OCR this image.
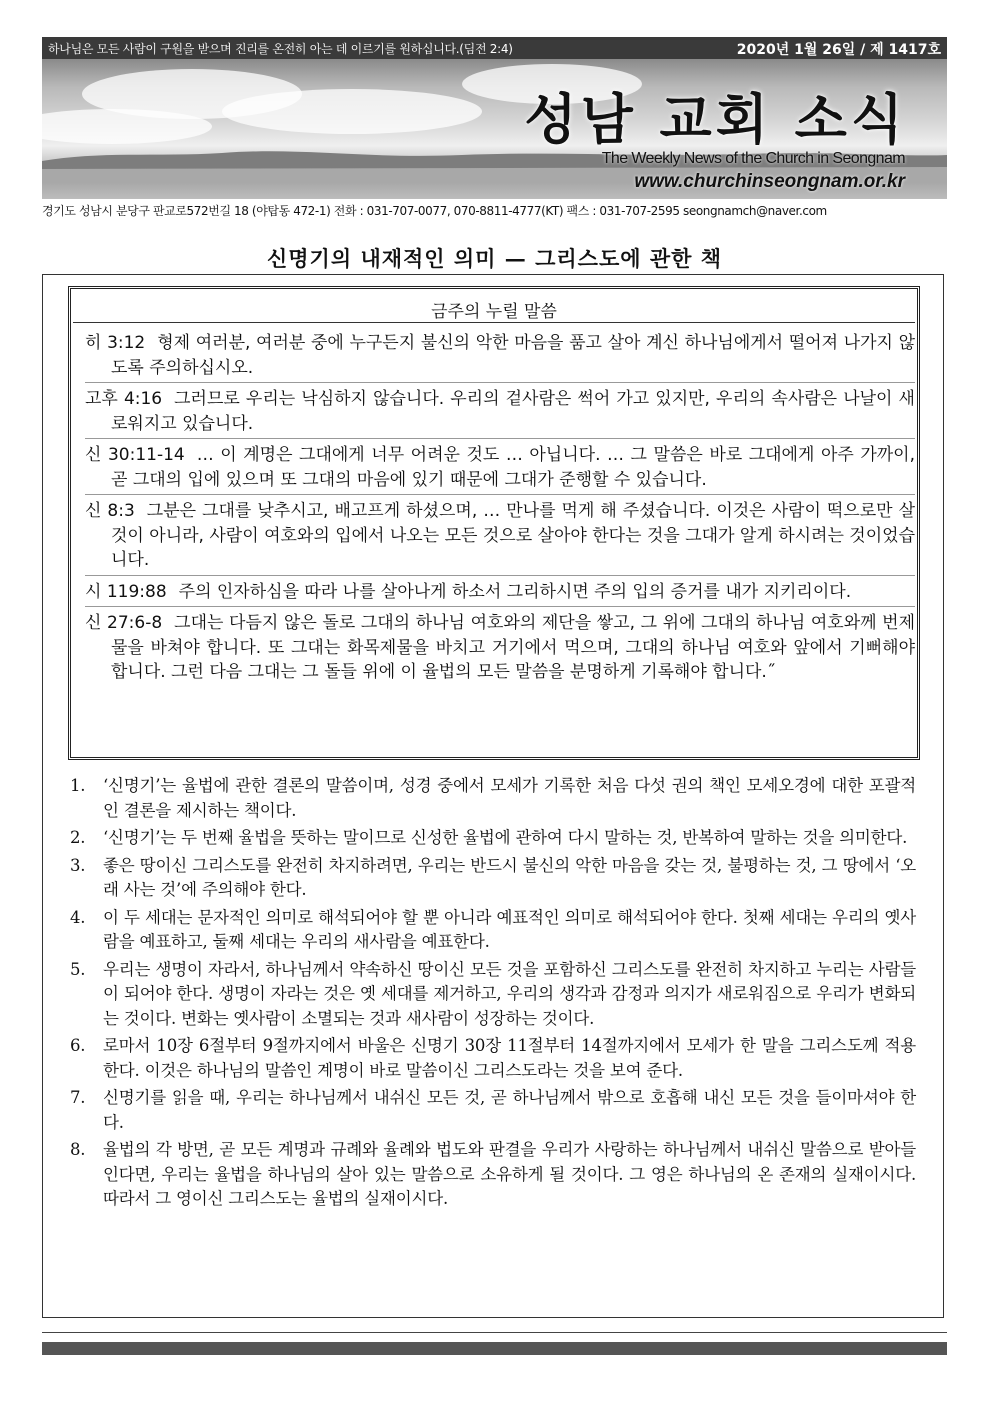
하나님은 모든 사람이 구원을 받으며 진리를 온전히 아는 데 이르기를 원하십니다.(딤전 2:4)	2020년 1월 26일 / 제 1417호
성남 교회 소식
The Weekly News of the Church in Seongnam
www.churchinseongnam.or.kr
경기도 성남시 분당구 판교로572번길 18 (야탑동 472-1) 전화 : 031-707-0077, 070-8811-4777(KT) 팩스 : 031-707-2595 seongnamch@naver.com
신명기의 내재적인 의미 — 그리스도에 관한 책
금주의 누릴 말씀
히 3:12 형제 여러분, 여러분 중에 누구든지 불신의 악한 마음을 품고 살아 계신 하나님에게서 떨어져 나가지 않도록 주의하십시오.
고후 4:16 그러므로 우리는 낙심하지 않습니다. 우리의 겉사람은 썩어 가고 있지만, 우리의 속사람은 나날이 새로워지고 있습니다.
신 30:11-14 … 이 계명은 그대에게 너무 어려운 것도 … 아닙니다. … 그 말씀은 바로 그대에게 아주 가까이, 곧 그대의 입에 있으며 또 그대의 마음에 있기 때문에 그대가 준행할 수 있습니다.
신 8:3 그분은 그대를 낮추시고, 배고프게 하셨으며, … 만나를 먹게 해 주셨습니다. 이것은 사람이 떡으로만 살 것이 아니라, 사람이 여호와의 입에서 나오는 모든 것으로 살아야 한다는 것을 그대가 알게 하시려는 것이었습니다.
시 119:88 주의 인자하심을 따라 나를 살아나게 하소서 그리하시면 주의 입의 증거를 내가 지키리이다.
신 27:6-8 그대는 다듬지 않은 돌로 그대의 하나님 여호와의 제단을 쌓고, 그 위에 그대의 하나님 여호와께 번제물을 바쳐야 합니다. 또 그대는 화목제물을 바치고 거기에서 먹으며, 그대의 하나님 여호와 앞에서 기뻐해야 합니다. 그런 다음 그대는 그 돌들 위에 이 율법의 모든 말씀을 분명하게 기록해야 합니다.˝
1. ‘신명기’는 율법에 관한 결론의 말씀이며, 성경 중에서 모세가 기록한 처음 다섯 권의 책인 모세오경에 대한 포괄적인 결론을 제시하는 책이다.
2. ‘신명기’는 두 번째 율법을 뜻하는 말이므로 신성한 율법에 관하여 다시 말하는 것, 반복하여 말하는 것을 의미한다.
3. 좋은 땅이신 그리스도를 완전히 차지하려면, 우리는 반드시 불신의 악한 마음을 갖는 것, 불평하는 것, 그 땅에서 ‘오래 사는 것’에 주의해야 한다.
4. 이 두 세대는 문자적인 의미로 해석되어야 할 뿐 아니라 예표적인 의미로 해석되어야 한다. 첫째 세대는 우리의 옛사람을 예표하고, 둘째 세대는 우리의 새사람을 예표한다.
5. 우리는 생명이 자라서, 하나님께서 약속하신 땅이신 모든 것을 포함하신 그리스도를 완전히 차지하고 누리는 사람들이 되어야 한다. 생명이 자라는 것은 옛 세대를 제거하고, 우리의 생각과 감정과 의지가 새로워짐으로 우리가 변화되는 것이다. 변화는 옛사람이 소멸되는 것과 새사람이 성장하는 것이다.
6. 로마서 10장 6절부터 9절까지에서 바울은 신명기 30장 11절부터 14절까지에서 모세가 한 말을 그리스도께 적용한다. 이것은 하나님의 말씀인 계명이 바로 말씀이신 그리스도라는 것을 보여 준다.
7. 신명기를 읽을 때, 우리는 하나님께서 내쉬신 모든 것, 곧 하나님께서 밖으로 호흡해 내신 모든 것을 들이마셔야 한다.
8. 율법의 각 방면, 곧 모든 계명과 규례와 율례와 법도와 판결을 우리가 사랑하는 하나님께서 내쉬신 말씀으로 받아들인다면, 우리는 율법을 하나님의 살아 있는 말씀으로 소유하게 될 것이다. 그 영은 하나님의 온 존재의 실재이시다. 따라서 그 영이신 그리스도는 율법의 실재이시다.
